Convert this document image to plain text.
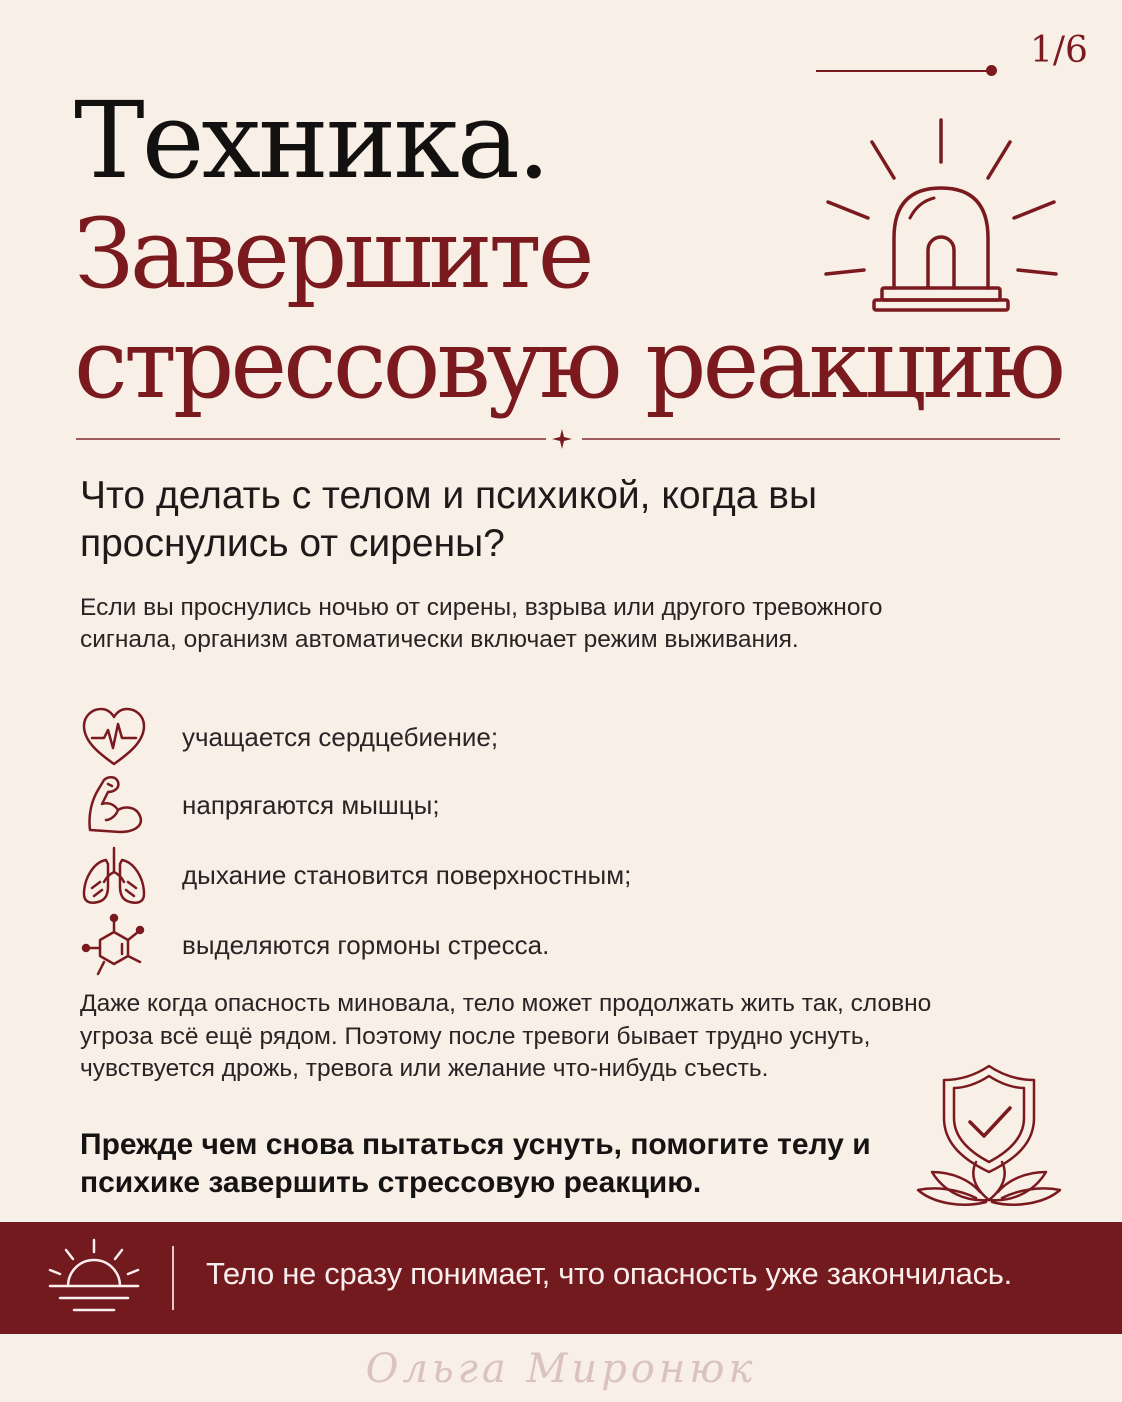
1/6
Техника.
Завершите
стрессовую реакцию
Что делать с телом и психикой, когда вы проснулись от сирены?
Если вы проснулись ночью от сирены, взрыва или другого тревожного сигнала, организм автоматически включает режим выживания.
учащается сердцебиение;
напрягаются мышцы;
дыхание становится поверхностным;
выделяются гормоны стресса.
Даже когда опасность миновала, тело может продолжать жить так, словно угроза всё ещё рядом. Поэтому после тревоги бывает трудно уснуть, чувствуется дрожь, тревога или желание что-нибудь съесть.
Прежде чем снова пытаться уснуть, помогите телу и психике завершить стрессовую реакцию.
Тело не сразу понимает, что опасность уже закончилась.
Ольга Миронюк
